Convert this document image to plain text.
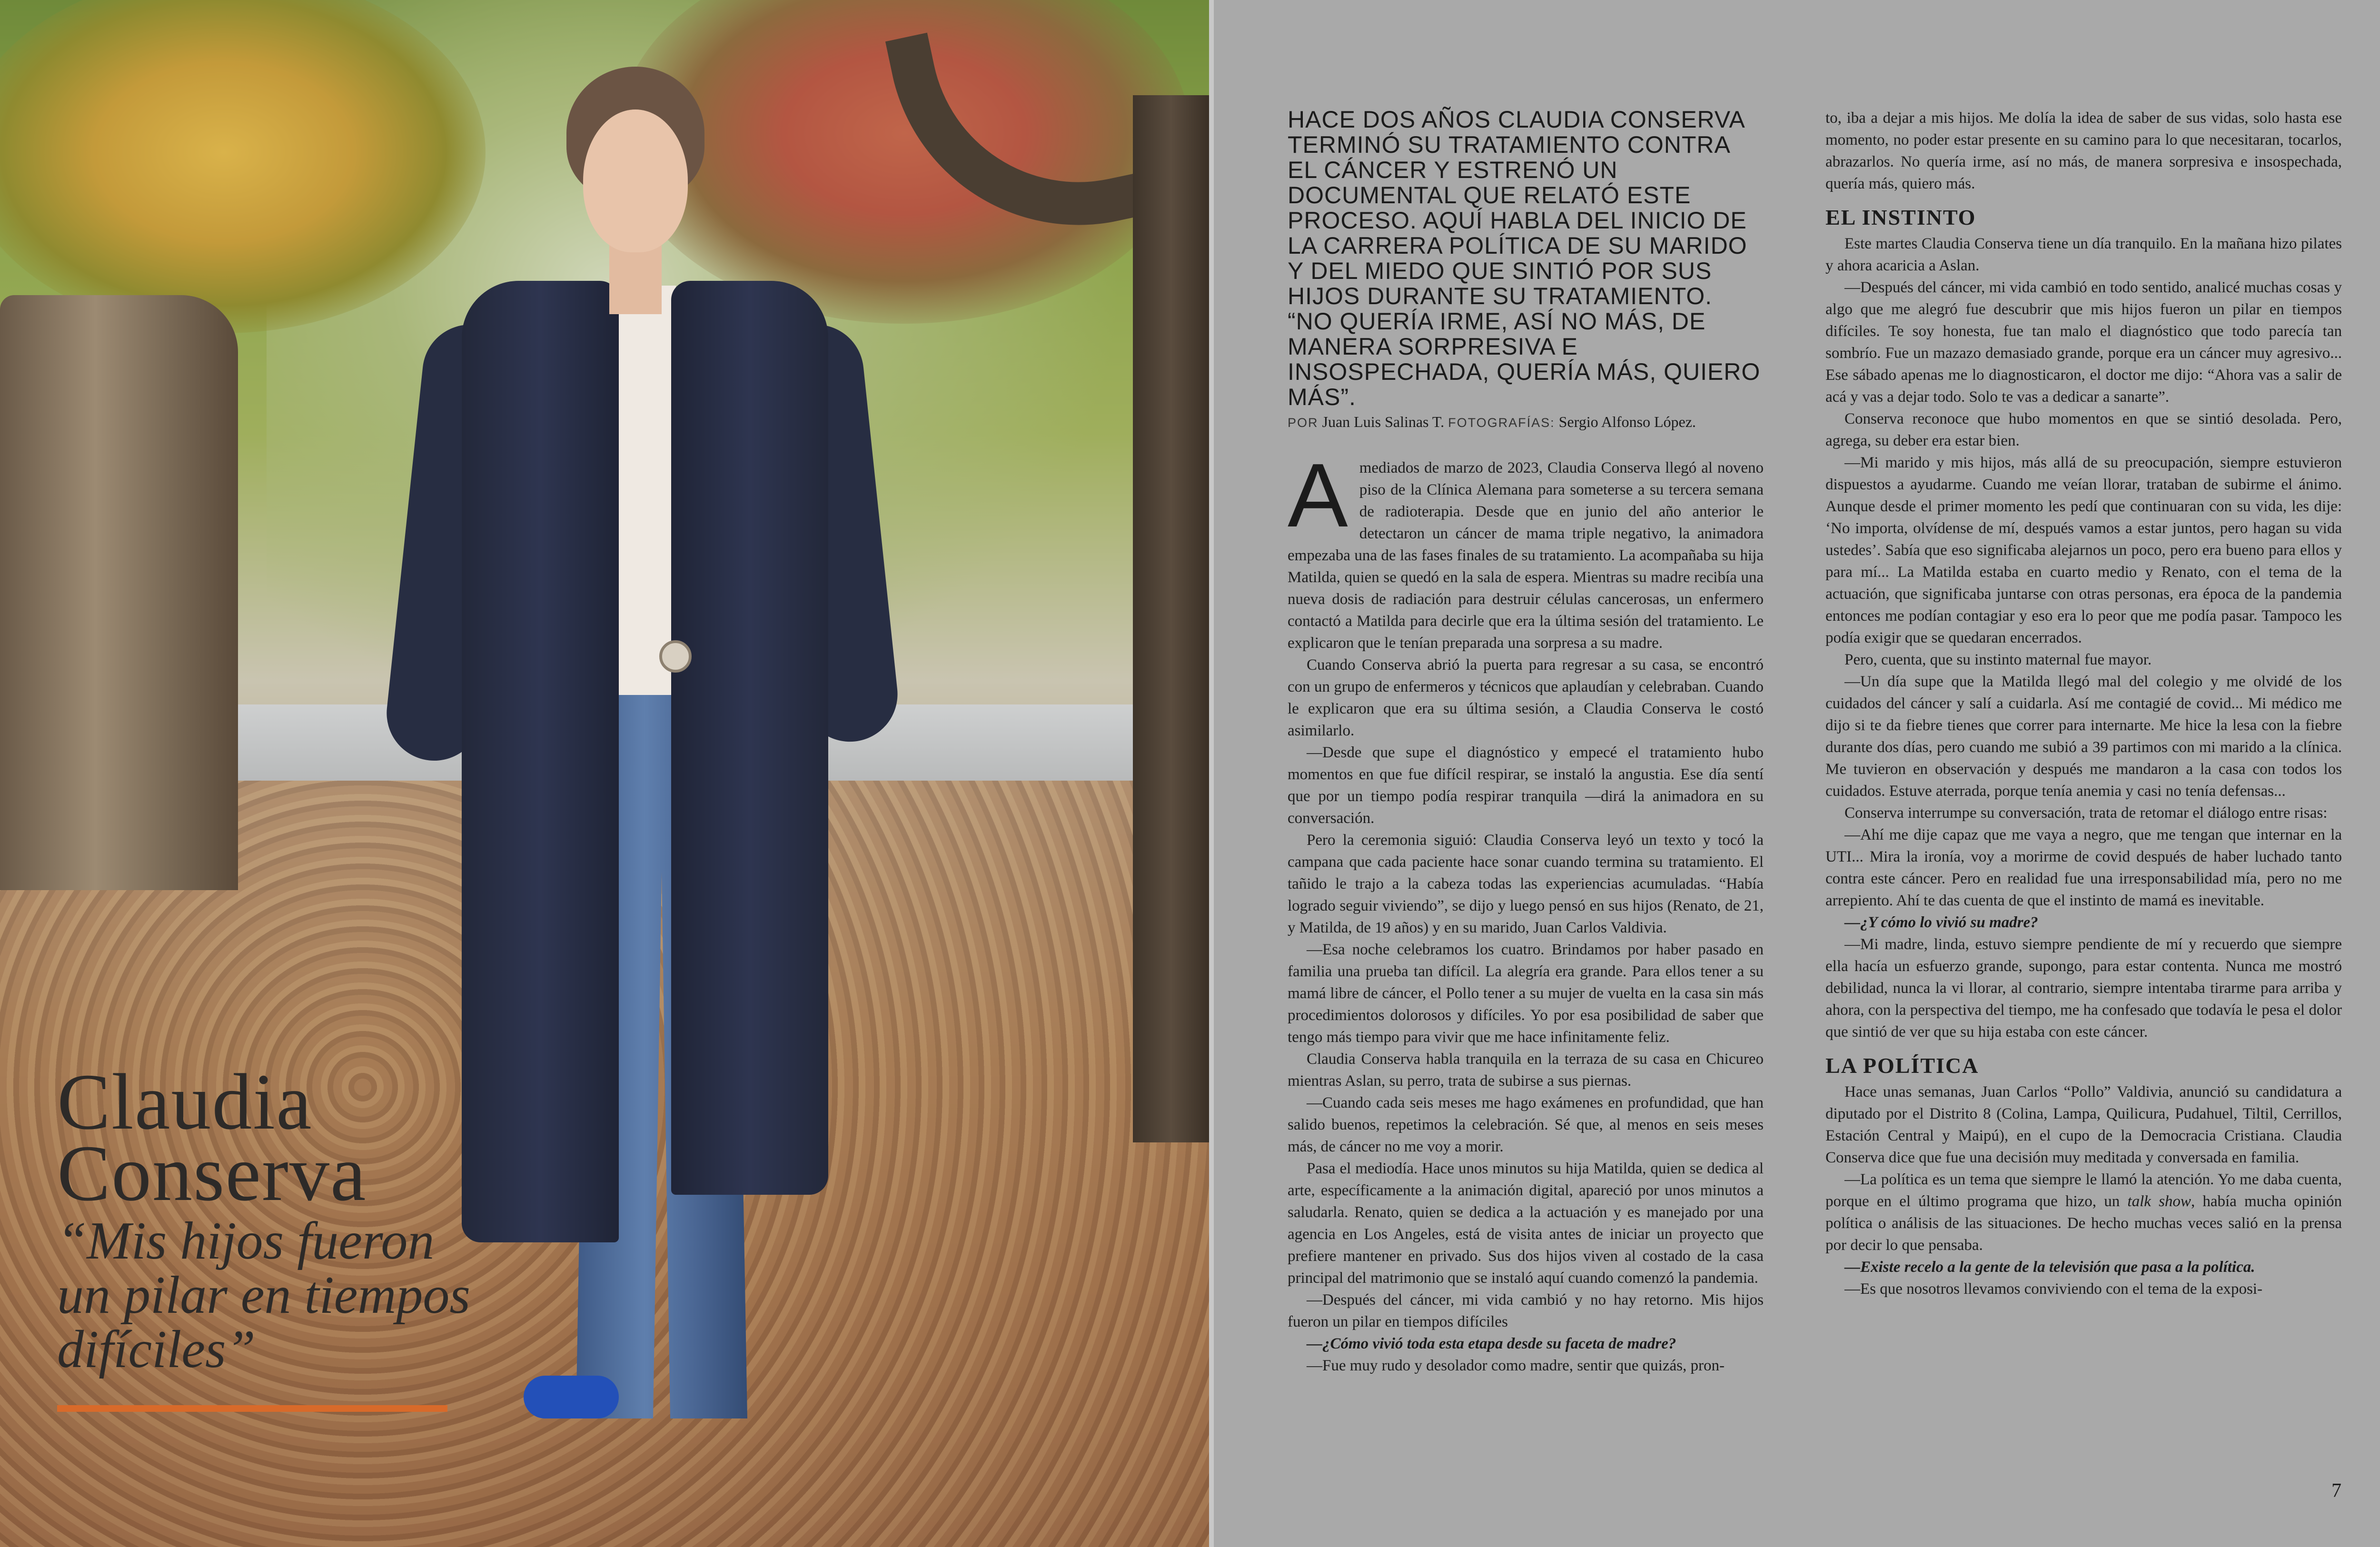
Claudia
Conserva
“Mis hijos fueron un pilar en tiempos difíciles”
HACE DOS AÑOS CLAUDIA CONSERVA TERMINÓ SU TRATAMIENTO CONTRA EL CÁNCER Y ESTRENÓ UN DOCUMENTAL QUE RELATÓ ESTE PROCESO. AQUÍ HABLA DEL INICIO DE LA CARRERA POLÍTICA DE SU MARIDO Y DEL MIEDO QUE SINTIÓ POR SUS HIJOS DURANTE SU TRATAMIENTO. “NO QUERÍA IRME, ASÍ NO MÁS, DE MANERA SORPRESIVA E INSOSPECHADA, QUERÍA MÁS, QUIERO MÁS”.
POR Juan Luis Salinas T. FOTOGRAFÍAS: Sergio Alfonso López.

Amediados de marzo de 2023, Claudia Conserva llegó al noveno piso de la Clínica Alemana para someterse a su tercera semana de radioterapia. Desde que en junio del año anterior le detectaron un cáncer de mama triple negativo, la animadora empezaba una de las fases finales de su tratamiento. La acompañaba su hija Matilda, quien se quedó en la sala de espera. Mientras su madre recibía una nueva dosis de radiación para destruir células cancerosas, un enfermero contactó a Matilda para decirle que era la última sesión del tratamiento. Le explicaron que le tenían preparada una sorpresa a su madre.

Cuando Conserva abrió la puerta para regresar a su casa, se encontró con un grupo de enfermeros y técnicos que aplaudían y celebraban. Cuando le explicaron que era su última sesión, a Claudia Conserva le costó asimilarlo.

—Desde que supe el diagnóstico y empecé el tratamiento hubo momentos en que fue difícil respirar, se instaló la angustia. Ese día sentí que por un tiempo podía respirar tranquila —dirá la animadora en su conversación.

Pero la ceremonia siguió: Claudia Conserva leyó un texto y tocó la campana que cada paciente hace sonar cuando termina su tratamiento. El tañido le trajo a la cabeza todas las experiencias acumuladas. “Había logrado seguir viviendo”, se dijo y luego pensó en sus hijos (Renato, de 21, y Matilda, de 19 años) y en su marido, Juan Carlos Valdivia.

—Esa noche celebramos los cuatro. Brindamos por haber pasado en familia una prueba tan difícil. La alegría era grande. Para ellos tener a su mamá libre de cáncer, el Pollo tener a su mujer de vuelta en la casa sin más procedimientos dolorosos y difíciles. Yo por esa posibilidad de saber que tengo más tiempo para vivir que me hace infinitamente feliz.

Claudia Conserva habla tranquila en la terraza de su casa en Chicureo mientras Aslan, su perro, trata de subirse a sus piernas.

—Cuando cada seis meses me hago exámenes en profundidad, que han salido buenos, repetimos la celebración. Sé que, al menos en seis meses más, de cáncer no me voy a morir.

Pasa el mediodía. Hace unos minutos su hija Matilda, quien se dedica al arte, específicamente a la animación digital, apareció por unos minutos a saludarla. Renato, quien se dedica a la actuación y es manejado por una agencia en Los Angeles, está de visita antes de iniciar un proyecto que prefiere mantener en privado. Sus dos hijos viven al costado de la casa principal del matrimonio que se instaló aquí cuando comenzó la pandemia.

—Después del cáncer, mi vida cambió y no hay retorno. Mis hijos fueron un pilar en tiempos difíciles

—¿Cómo vivió toda esta etapa desde su faceta de madre?

—Fue muy rudo y desolador como madre, sentir que quizás, pron-

to, iba a dejar a mis hijos. Me dolía la idea de saber de sus vidas, solo hasta ese momento, no poder estar presente en su camino para lo que necesitaran, tocarlos, abrazarlos. No quería irme, así no más, de manera sorpresiva e insospechada, quería más, quiero más.

EL INSTINTO

Este martes Claudia Conserva tiene un día tranquilo. En la mañana hizo pilates y ahora acaricia a Aslan.

—Después del cáncer, mi vida cambió en todo sentido, analicé muchas cosas y algo que me alegró fue descubrir que mis hijos fueron un pilar en tiempos difíciles. Te soy honesta, fue tan malo el diagnóstico que todo parecía tan sombrío. Fue un mazazo demasiado grande, porque era un cáncer muy agresivo... Ese sábado apenas me lo diagnosticaron, el doctor me dijo: “Ahora vas a salir de acá y vas a dejar todo. Solo te vas a dedicar a sanarte”.

Conserva reconoce que hubo momentos en que se sintió desolada. Pero, agrega, su deber era estar bien.

—Mi marido y mis hijos, más allá de su preocupación, siempre estuvieron dispuestos a ayudarme. Cuando me veían llorar, trataban de subirme el ánimo. Aunque desde el primer momento les pedí que continuaran con su vida, les dije: ‘No importa, olvídense de mí, después vamos a estar juntos, pero hagan su vida ustedes’. Sabía que eso significaba alejarnos un poco, pero era bueno para ellos y para mí... La Matilda estaba en cuarto medio y Renato, con el tema de la actuación, que significaba juntarse con otras personas, era época de la pandemia entonces me podían contagiar y eso era lo peor que me podía pasar. Tampoco les podía exigir que se quedaran encerrados.

Pero, cuenta, que su instinto maternal fue mayor.

—Un día supe que la Matilda llegó mal del colegio y me olvidé de los cuidados del cáncer y salí a cuidarla. Así me contagié de covid... Mi médico me dijo si te da fiebre tienes que correr para internarte. Me hice la lesa con la fiebre durante dos días, pero cuando me subió a 39 partimos con mi marido a la clínica. Me tuvieron en observación y después me mandaron a la casa con todos los cuidados. Estuve aterrada, porque tenía anemia y casi no tenía defensas...

Conserva interrumpe su conversación, trata de retomar el diálogo entre risas:

—Ahí me dije capaz que me vaya a negro, que me tengan que internar en la UTI... Mira la ironía, voy a morirme de covid después de haber luchado tanto contra este cáncer. Pero en realidad fue una irresponsabilidad mía, pero no me arrepiento. Ahí te das cuenta de que el instinto de mamá es inevitable.

—¿Y cómo lo vivió su madre?

—Mi madre, linda, estuvo siempre pendiente de mí y recuerdo que siempre ella hacía un esfuerzo grande, supongo, para estar contenta. Nunca me mostró debilidad, nunca la vi llorar, al contrario, siempre intentaba tirarme para arriba y ahora, con la perspectiva del tiempo, me ha confesado que todavía le pesa el dolor que sintió de ver que su hija estaba con este cáncer.

LA POLÍTICA

Hace unas semanas, Juan Carlos “Pollo” Valdivia, anunció su candidatura a diputado por el Distrito 8 (Colina, Lampa, Quilicura, Pudahuel, Tiltil, Cerrillos, Estación Central y Maipú), en el cupo de la Democracia Cristiana. Claudia Conserva dice que fue una decisión muy meditada y conversada en familia.

—La política es un tema que siempre le llamó la atención. Yo me daba cuenta, porque en el último programa que hizo, un talk show, había mucha opinión política o análisis de las situaciones. De hecho muchas veces salió en la prensa por decir lo que pensaba.

—Existe recelo a la gente de la televisión que pasa a la política.

—Es que nosotros llevamos conviviendo con el tema de la exposi-

7
